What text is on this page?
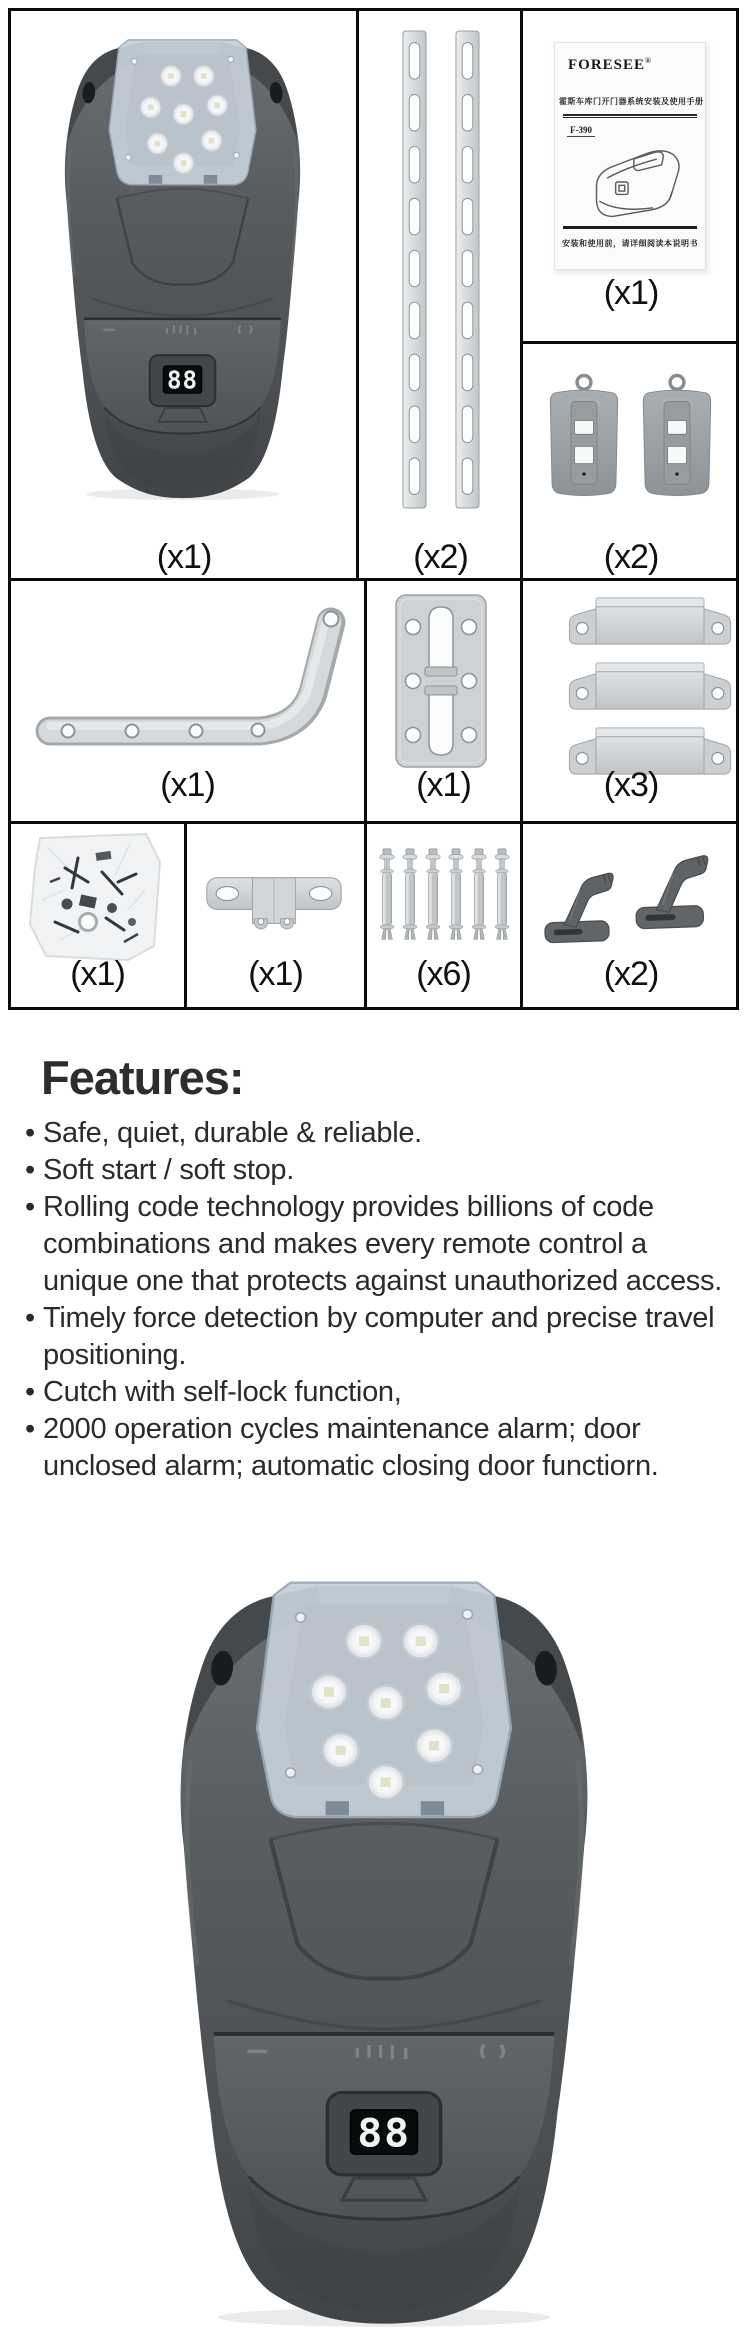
(x1)	(x2)
FORESEE®
霍斯车库门开门器系统安装及使用手册
F-390
安装和使用前，请详细阅读本说明书
(x1)
(x2)
(x1)	(x1)	(x3)
(x1)	(x1)	(x6)	(x2)
Features:
• Safe, quiet, durable & reliable.
• Soft start / soft stop.
• Rolling code technology provides billions of code combinations and makes every remote control a unique one that protects against unauthorized access.
• Timely force detection by computer and precise travel positioning.
• Cutch with self-lock function,
• 2000 operation cycles maintenance alarm; door unclosed alarm; automatic closing door functiorn.
